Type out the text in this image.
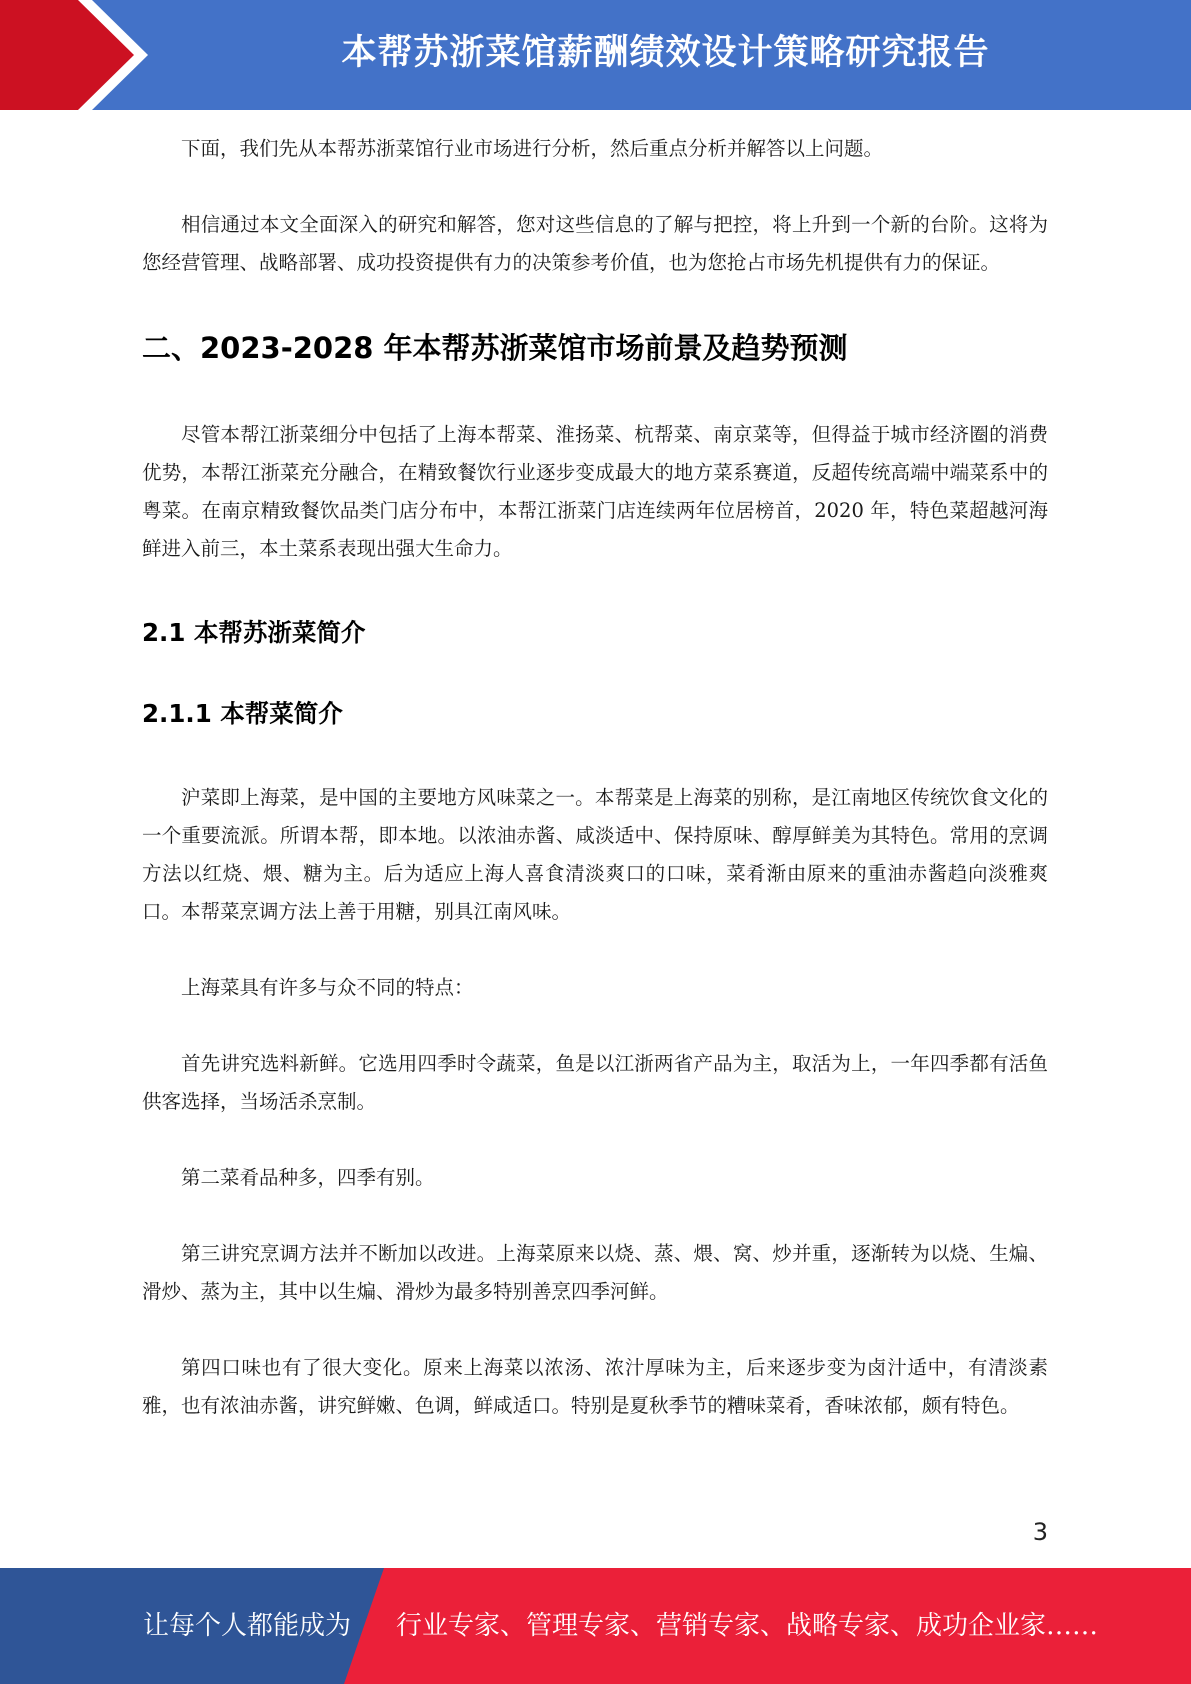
本帮苏浙菜馆薪酬绩效设计策略研究报告

下面，我们先从本帮苏浙菜馆行业市场进行分析，然后重点分析并解答以上问题。

相信通过本文全面深入的研究和解答，您对这些信息的了解与把控，将上升到一个新的台阶。这将为您经营管理、战略部署、成功投资提供有力的决策参考价值，也为您抢占市场先机提供有力的保证。

二、2023-2028 年本帮苏浙菜馆市场前景及趋势预测

尽管本帮江浙菜细分中包括了上海本帮菜、淮扬菜、杭帮菜、南京菜等，但得益于城市经济圈的消费优势，本帮江浙菜充分融合，在精致餐饮行业逐步变成最大的地方菜系赛道，反超传统高端中端菜系中的粤菜。在南京精致餐饮品类门店分布中，本帮江浙菜门店连续两年位居榜首，2020 年，特色菜超越河海鲜进入前三，本土菜系表现出强大生命力。

2.1 本帮苏浙菜简介
2.1.1 本帮菜简介

沪菜即上海菜，是中国的主要地方风味菜之一。本帮菜是上海菜的别称，是江南地区传统饮食文化的一个重要流派。所谓本帮，即本地。以浓油赤酱、咸淡适中、保持原味、醇厚鲜美为其特色。常用的烹调方法以红烧、煨、糖为主。后为适应上海人喜食清淡爽口的口味，菜肴渐由原来的重油赤酱趋向淡雅爽口。本帮菜烹调方法上善于用糖，别具江南风味。

上海菜具有许多与众不同的特点：

首先讲究选料新鲜。它选用四季时令蔬菜，鱼是以江浙两省产品为主，取活为上，一年四季都有活鱼供客选择，当场活杀烹制。

第二菜肴品种多，四季有别。

第三讲究烹调方法并不断加以改进。上海菜原来以烧、蒸、煨、窝、炒并重，逐渐转为以烧、生煸、滑炒、蒸为主，其中以生煸、滑炒为最多特别善烹四季河鲜。

第四口味也有了很大变化。原来上海菜以浓汤、浓汁厚味为主，后来逐步变为卤汁适中，有清淡素雅，也有浓油赤酱，讲究鲜嫩、色调，鲜咸适口。特别是夏秋季节的糟味菜肴，香味浓郁，颇有特色。

3
让每个人都能成为 行业专家、管理专家、营销专家、战略专家、成功企业家……
